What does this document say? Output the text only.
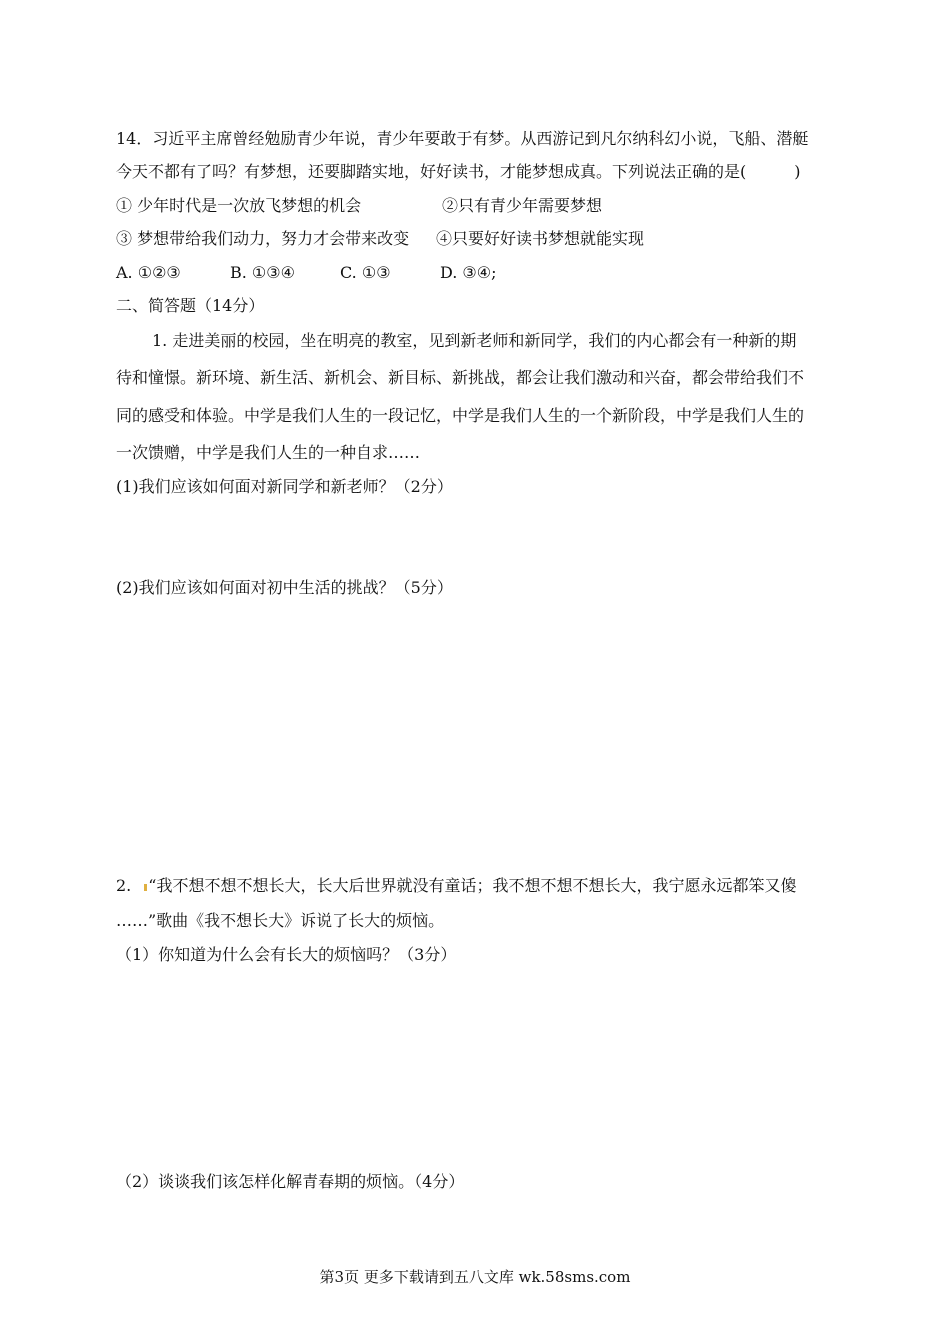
14．习近平主席曾经勉励青少年说，青少年要敢于有梦。从西游记到凡尔纳科幻小说，飞船、潜艇
今天不都有了吗？有梦想，还要脚踏实地，好好读书，才能梦想成真。下列说法正确的是(　　　)
① 少年时代是一次放飞梦想的机会	②只有青少年需要梦想
③ 梦想带给我们动力，努力才会带来改变 ④只要好好读书梦想就能实现
A. ①②③	B. ①③④	C. ①③	D. ③④;
二、简答题（14分）
1. 走进美丽的校园，坐在明亮的教室，见到新老师和新同学，我们的内心都会有一种新的期
待和憧憬。新环境、新生活、新机会、新目标、新挑战，都会让我们激动和兴奋，都会带给我们不
同的感受和体验。中学是我们人生的一段记忆，中学是我们人生的一个新阶段，中学是我们人生的
一次馈赠，中学是我们人生的一种自求……
(1)我们应该如何面对新同学和新老师？（2分）
(2)我们应该如何面对初中生活的挑战？（5分）
2. “我不想不想不想长大，长大后世界就没有童话；我不想不想不想长大，我宁愿永远都笨又傻
……”歌曲《我不想长大》诉说了长大的烦恼。
（1）你知道为什么会有长大的烦恼吗？（3分）
（2）谈谈我们该怎样化解青春期的烦恼。（4分）
第3页 更多下载请到五八文库 wk.58sms.com
